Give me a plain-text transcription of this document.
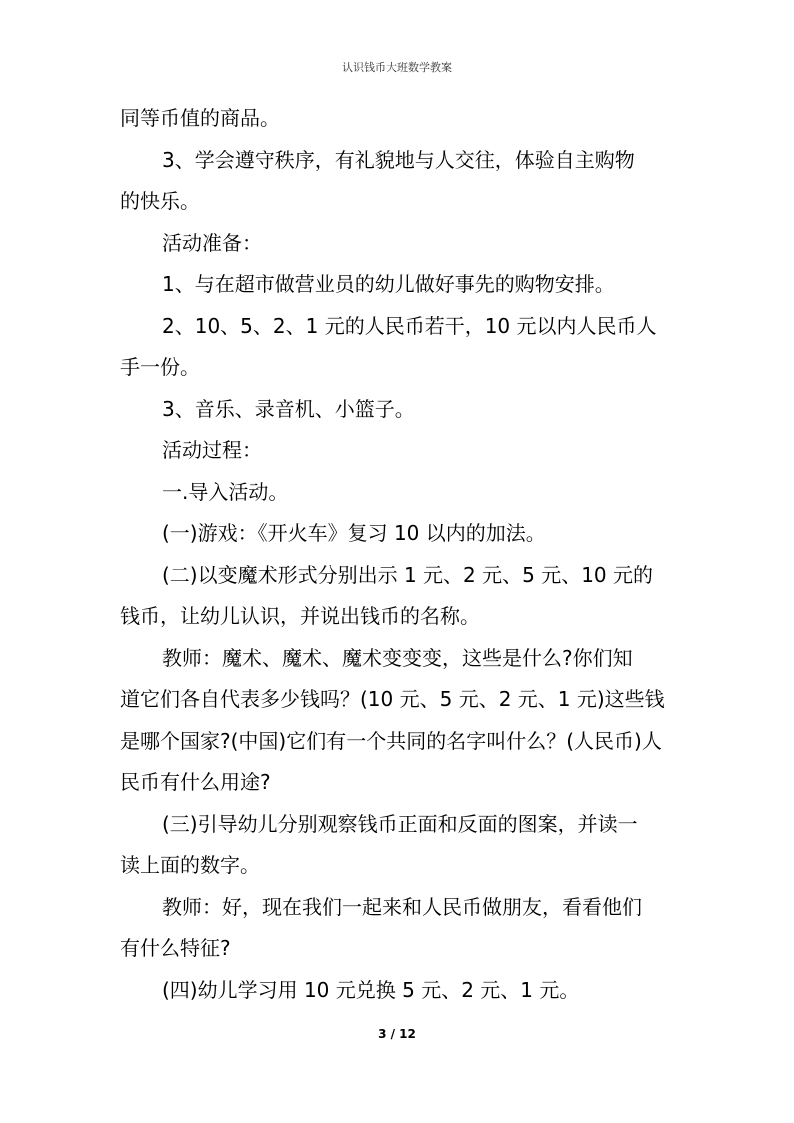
认识钱币大班数学教案

同等币值的商品。

3、学会遵守秩序，有礼貌地与人交往，体验自主购物

的快乐。

活动准备：

1、与在超市做营业员的幼儿做好事先的购物安排。

2、10、5、2、1 元的人民币若干，10 元以内人民币人

手一份。

3、音乐、录音机、小篮子。

活动过程：

一.导入活动。

(一)游戏：《开火车》复习 10 以内的加法。

(二)以变魔术形式分别出示 1 元、2 元、5 元、10 元的

钱币，让幼儿认识，并说出钱币的名称。

教师：魔术、魔术、魔术变变变，这些是什么?你们知

道它们各自代表多少钱吗？(10 元、5 元、2 元、1 元)这些钱

是哪个国家?(中国)它们有一个共同的名字叫什么？(人民币)人

民币有什么用途?

(三)引导幼儿分别观察钱币正面和反面的图案，并读一

读上面的数字。

教师：好，现在我们一起来和人民币做朋友，看看他们

有什么特征?

(四)幼儿学习用 10 元兑换 5 元、2 元、1 元。

3 / 12
